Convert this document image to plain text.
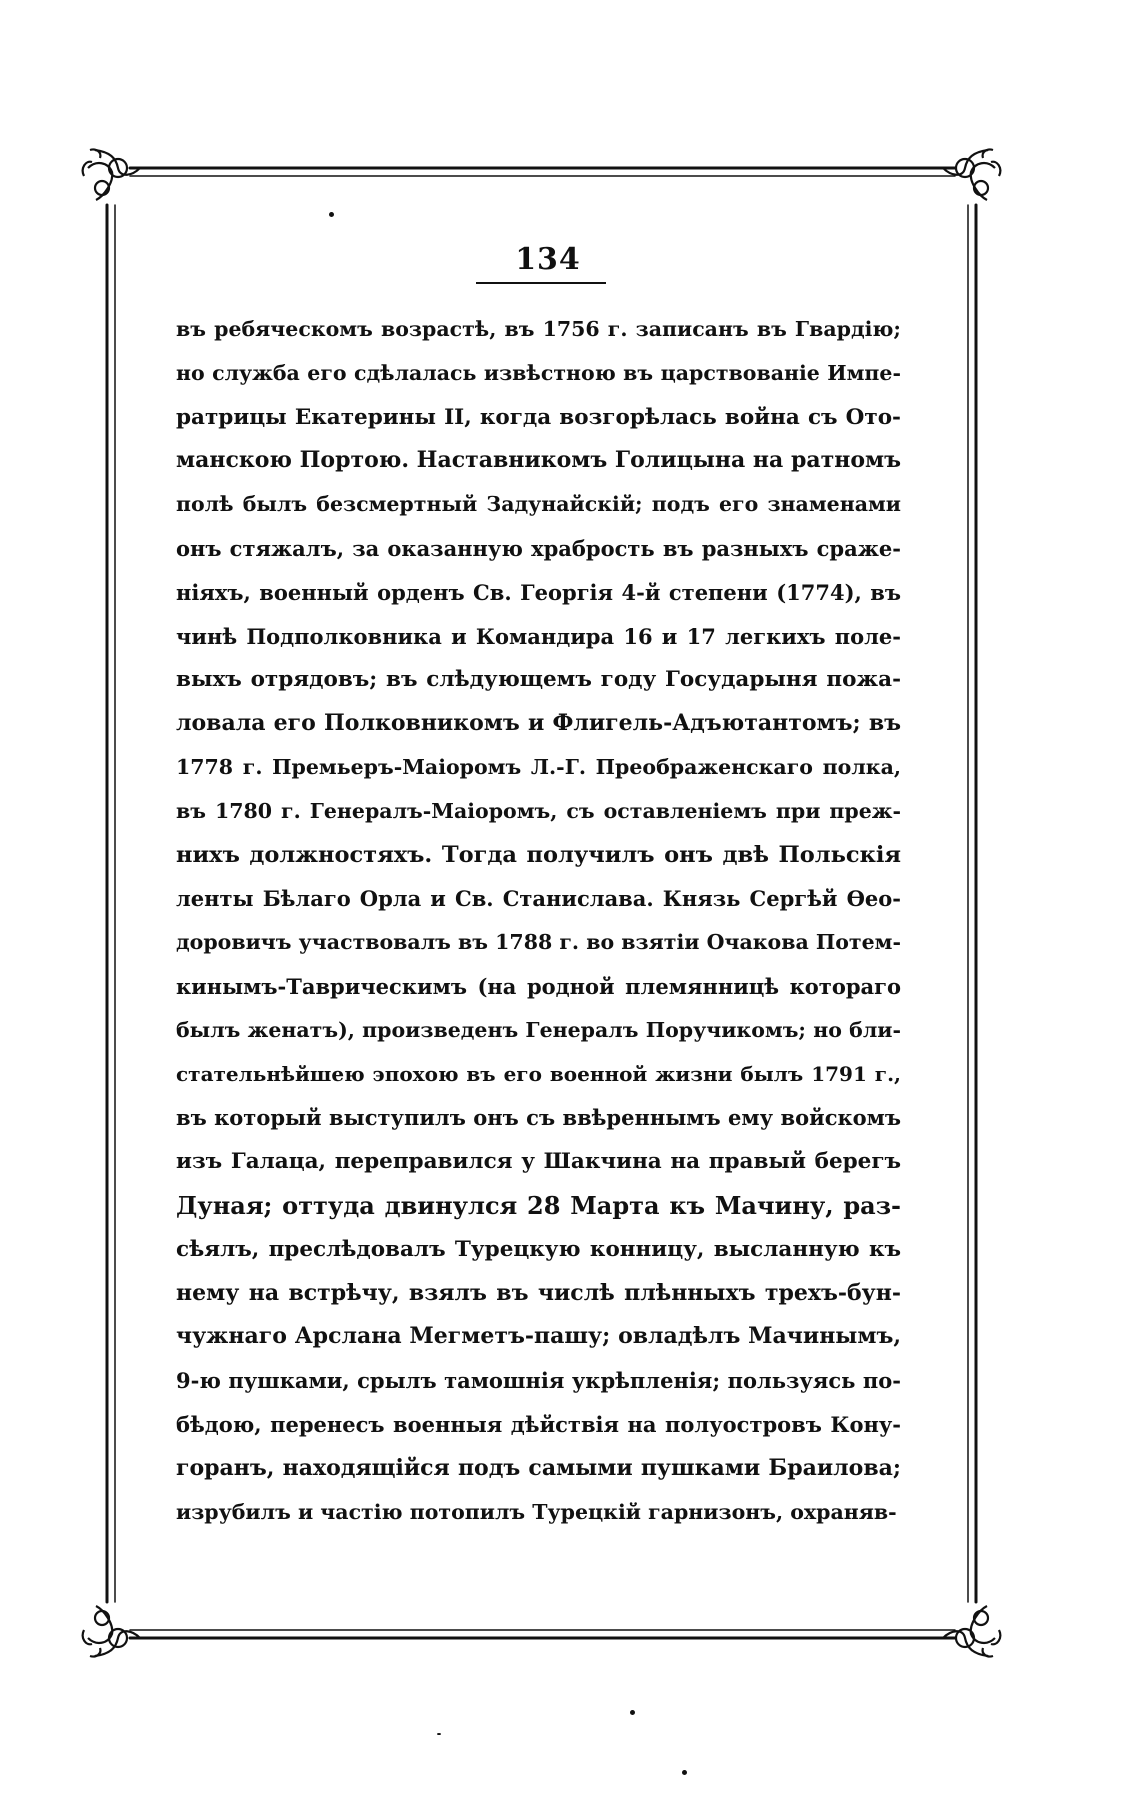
134
въ ребяческомъ возрастѣ, въ 1756 г. записанъ въ Гвардію;
но служба его сдѣлалась извѣстною въ царствованіе Импе-
ратрицы Екатерины II, когда возгорѣлась война съ Ото-
манскою Портою. Наставникомъ Голицына на ратномъ
полѣ былъ безсмертный Задунайскій; подъ его знаменами
онъ стяжалъ, за оказанную храбрость въ разныхъ сраже-
ніяхъ, военный орденъ Св. Георгія 4-й степени (1774), въ
чинѣ Подполковника и Командира 16 и 17 легкихъ поле-
выхъ отрядовъ; въ слѣдующемъ году Государыня пожа-
ловала его Полковникомъ и Флигель-Адъютантомъ; въ
1778 г. Премьеръ-Маіоромъ Л.-Г. Преображенскаго полка,
въ 1780 г. Генералъ-Маіоромъ, съ оставленіемъ при преж-
нихъ должностяхъ. Тогда получилъ онъ двѣ Польскія
ленты Бѣлаго Орла и Св. Станислава. Князь Сергѣй Ѳео-
доровичъ участвовалъ въ 1788 г. во взятіи Очакова Потем-
кинымъ-Таврическимъ (на родной племянницѣ котораго
былъ женатъ), произведенъ Генералъ Поручикомъ; но бли-
стательнѣйшею эпохою въ его военной жизни былъ 1791 г.,
въ который выступилъ онъ съ ввѣреннымъ ему войскомъ
изъ Галаца, переправился у Шакчина на правый берегъ
Дуная; оттуда двинулся 28 Марта къ Мачину, раз-
сѣялъ, преслѣдовалъ Турецкую конницу, высланную къ
нему на встрѣчу, взялъ въ числѣ плѣнныхъ трехъ-бун-
чужнаго Арслана Мегметъ-пашу; овладѣлъ Мачинымъ,
9-ю пушками, срылъ тамошнія укрѣпленія; пользуясь по-
бѣдою, перенесъ военныя дѣйствія на полуостровъ Кону-
горанъ, находящійся подъ самыми пушками Браилова;
изрубилъ и частію потопилъ Турецкій гарнизонъ, охраняв-
